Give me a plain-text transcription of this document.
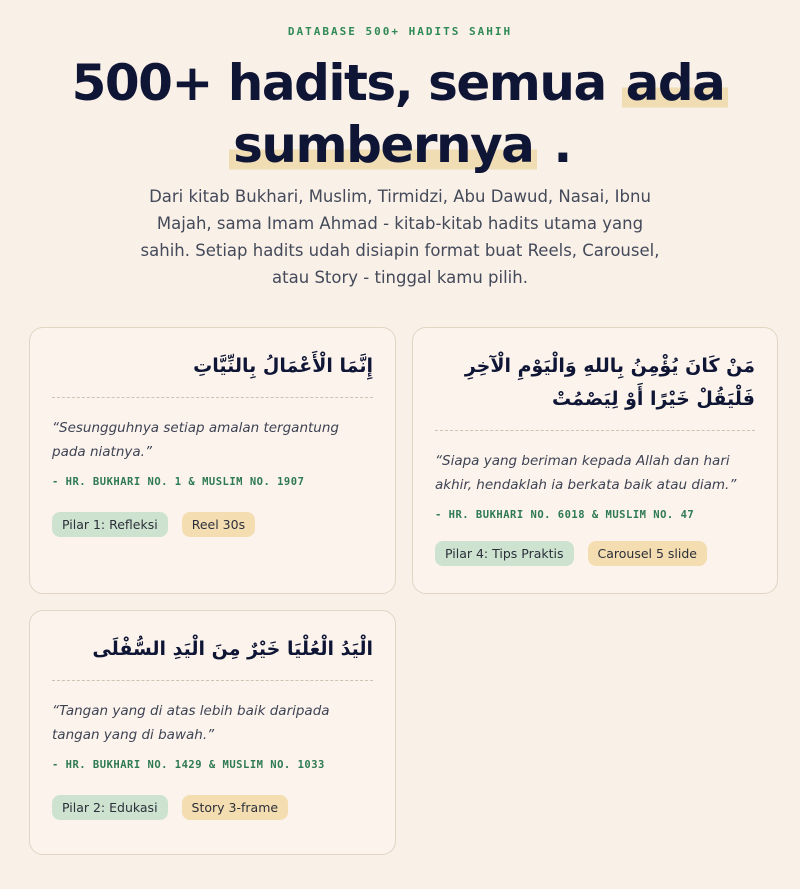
DATABASE 500+ HADITS SAHIH
500+ hadits, semua ada
sumbernya .

Dari kitab Bukhari, Muslim, Tirmidzi, Abu Dawud, Nasai, Ibnu Majah, sama Imam Ahmad - kitab-kitab hadits utama yang sahih. Setiap hadits udah disiapin format buat Reels, Carousel, atau Story - tinggal kamu pilih.

إِنَّمَا الْأَعْمَالُ بِالنِّيَّاتِ

“Sesungguhnya setiap amalan tergantung pada niatnya.”

- HR. BUKHARI NO. 1 & MUSLIM NO. 1907
Pilar 1: Refleksi	Reel 30s
مَنْ كَانَ يُؤْمِنُ بِاللهِ وَالْيَوْمِ الْآخِرِ فَلْيَقُلْ خَيْرًا أَوْ لِيَصْمُتْ

“Siapa yang beriman kepada Allah dan hari akhir, hendaklah ia berkata baik atau diam.”

- HR. BUKHARI NO. 6018 & MUSLIM NO. 47
Pilar 4: Tips Praktis	Carousel 5 slide
الْيَدُ الْعُلْيَا خَيْرٌ مِنَ الْيَدِ السُّفْلَى

“Tangan yang di atas lebih baik daripada tangan yang di bawah.”

- HR. BUKHARI NO. 1429 & MUSLIM NO. 1033
Pilar 2: Edukasi	Story 3-frame
